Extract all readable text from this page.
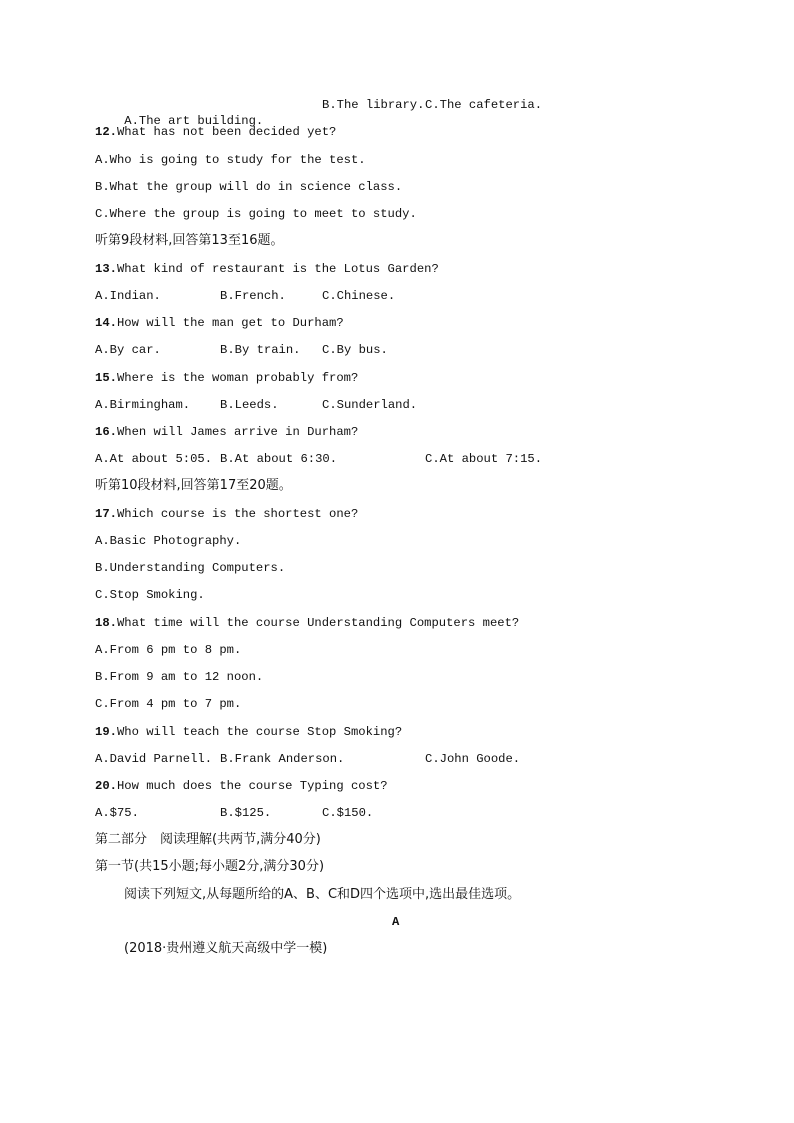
A.The art building.

B.The library. C.The cafeteria.
12.What has not been decided yet?
A.Who is going to study for the test.
B.What the group will do in science class.
C.Where the group is going to meet to study.
听第9段材料,回答第13至16题。
13.What kind of restaurant is the Lotus Garden?
A.Indian.	B.French.	C.Chinese.
14.How will the man get to Durham?
A.By car.	B.By train. C.By bus.
15.Where is the woman probably from?
A.Birmingham. B.Leeds.	C.Sunderland.
16.When will James arrive in Durham?
A.At about 5:05. B.At about 6:30.	C.At about 7:15.
听第10段材料,回答第17至20题。
17.Which course is the shortest one?
A.Basic Photography.
B.Understanding Computers.
C.Stop Smoking.
18.What time will the course Understanding Computers meet?
A.From 6 pm to 8 pm.
B.From 9 am to 12 noon.
C.From 4 pm to 7 pm.
19.Who will teach the course Stop Smoking?
A.David Parnell. B.Frank Anderson.	C.John Goode.
20.How much does the course Typing cost?
A.$75.	B.$125.	C.$150.
第二部分　阅读理解(共两节,满分40分)
第一节(共15小题;每小题2分,满分30分)
阅读下列短文,从每题所给的A、B、C和D四个选项中,选出最佳选项。
A
(2018·贵州遵义航天高级中学一模)
